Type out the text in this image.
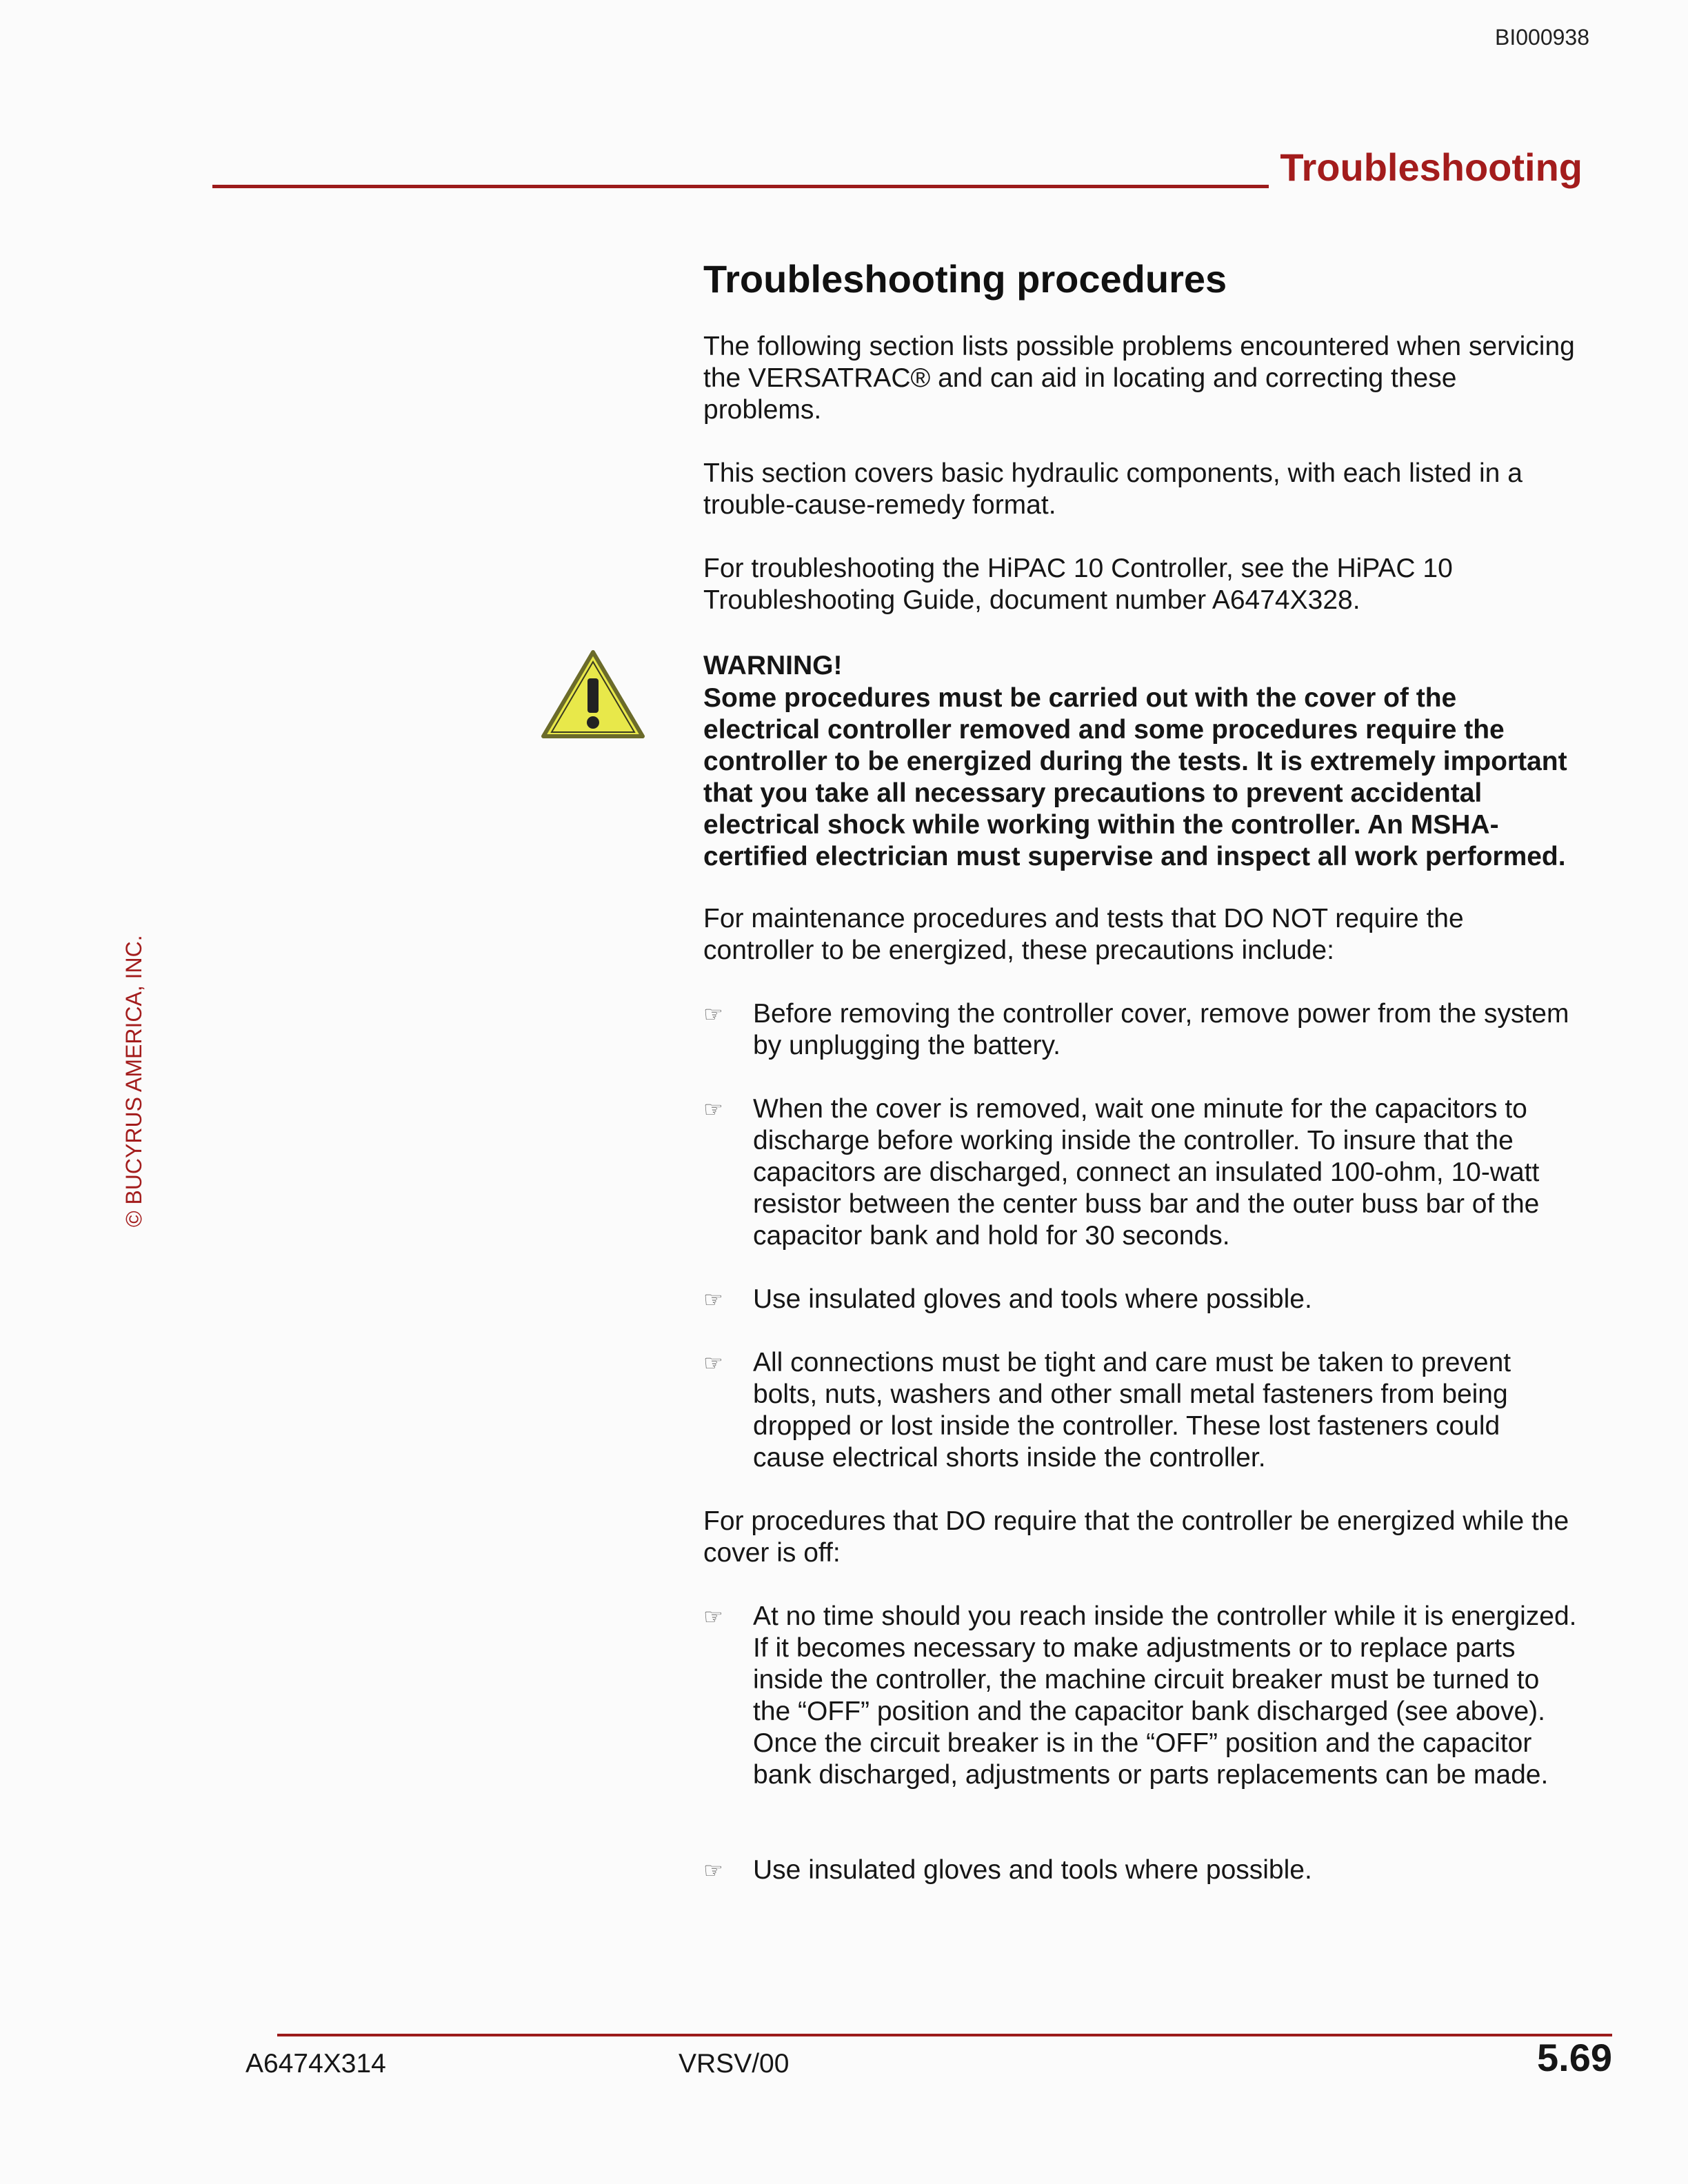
BI000938
Troubleshooting
Troubleshooting procedures

The following section lists possible problems encountered when servicing the VERSATRAC® and can aid in locating and correcting these problems.

This section covers basic hydraulic components, with each listed in a trouble-cause-remedy format.

For troubleshooting the HiPAC 10 Controller, see the HiPAC 10 Troubleshooting Guide, document number A6474X328.

WARNING!

Some procedures must be carried out with the cover of the electrical controller removed and some procedures require the controller to be energized during the tests. It is extremely important that you take all necessary precautions to prevent accidental electrical shock while working within the controller. An MSHA-certified electrician must supervise and inspect all work performed.

For maintenance procedures and tests that DO NOT require the controller to be energized, these precautions include:

☞	Before removing the controller cover, remove power from the system by unplugging the battery.

☞	When the cover is removed, wait one minute for the capacitors to discharge before working inside the controller. To insure that the capacitors are discharged, connect an insulated 100-ohm, 10-watt resistor between the center buss bar and the outer buss bar of the capacitor bank and hold for 30 seconds.

☞	Use insulated gloves and tools where possible.

☞	All connections must be tight and care must be taken to prevent bolts, nuts, washers and other small metal fasteners from being dropped or lost inside the controller. These lost fasteners could cause electrical shorts inside the controller.

For procedures that DO require that the controller be energized while the cover is off:

☞	At no time should you reach inside the controller while it is energized. If it becomes necessary to make adjustments or to replace parts inside the controller, the machine circuit breaker must be turned to the “OFF” position and the capacitor bank discharged (see above). Once the circuit breaker is in the “OFF” position and the capacitor bank discharged, adjustments or parts replacements can be made.

☞	Use insulated gloves and tools where possible.

© BUCYRUS AMERICA, INC.
A6474X314	VRSV/00	5.69
